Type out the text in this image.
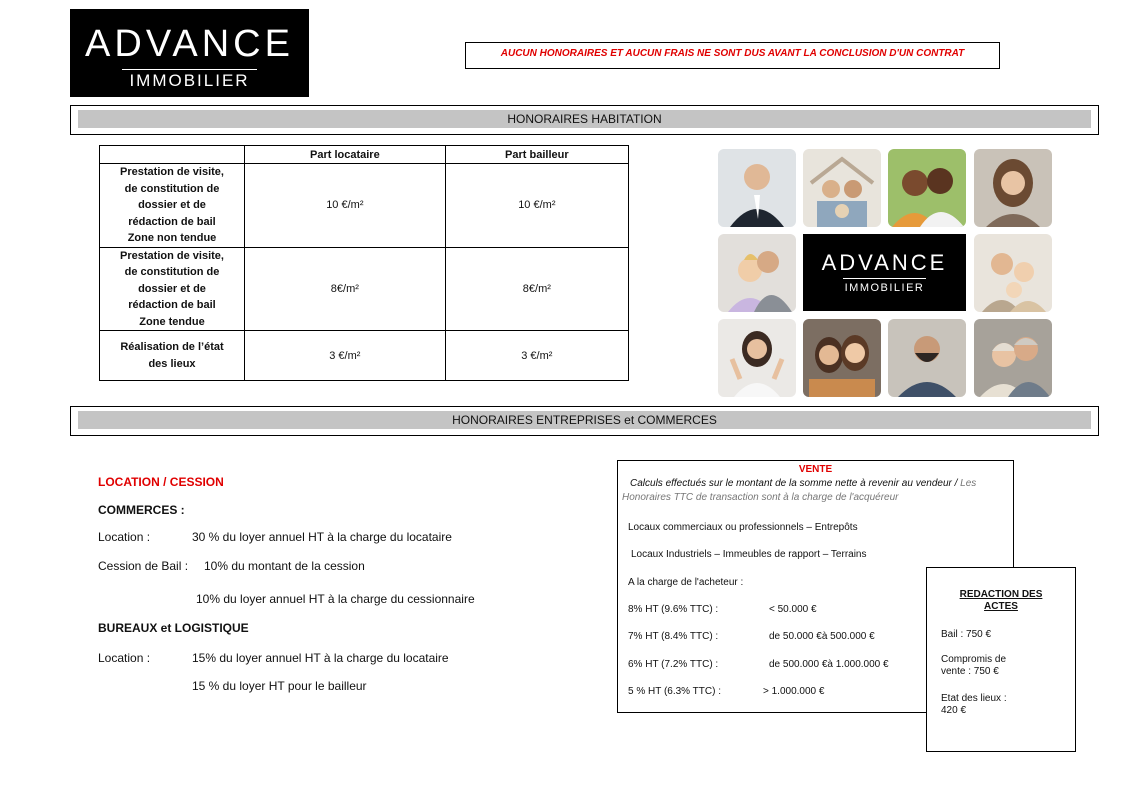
ADVANCE
IMMOBILIER
AUCUN HONORAIRES ET AUCUN FRAIS NE SONT DUS AVANT LA CONCLUSION D'UN CONTRAT
HONORAIRES HABITATION
	Part locataire	Part bailleur

Prestation de visite,
de constitution de
dossier et de
rédaction de bail
Zone non tendue	10 €/m²	10 €/m²

Prestation de visite,
de constitution de
dossier et de
rédaction de bail
Zone tendue	8€/m²	8€/m²

Réalisation de l’état
des lieux	3 €/m²	3 €/m²
ADVANCE
IMMOBILIER
HONORAIRES ENTREPRISES et COMMERCES
LOCATION / CESSION
COMMERCES :
Location :	30 % du loyer annuel HT à la charge du locataire
Cession de Bail : 10% du montant de la cession
10% du loyer annuel HT à la charge du cessionnaire
BUREAUX et LOGISTIQUE
Location :	15% du loyer annuel HT à la charge du locataire
15 % du loyer HT pour le bailleur
VENTE
Calculs effectués sur le montant de la somme nette à revenir au vendeur / Les
Honoraires TTC de transaction sont à la charge de l'acquéreur
Locaux commerciaux ou professionnels – Entrepôts
Locaux Industriels – Immeubles de rapport – Terrains
A la charge de l'acheteur :
8% HT (9.6% TTC) :	< 50.000 €
7% HT (8.4% TTC) :	de 50.000 €à 500.000 €
6% HT (7.2% TTC) :	de 500.000 €à 1.000.000 €
5 % HT (6.3% TTC) :	> 1.000.000 €
REDACTION DES
ACTES
Bail : 750 €
Compromis de
vente : 750 €
Etat des lieux :
420 €
